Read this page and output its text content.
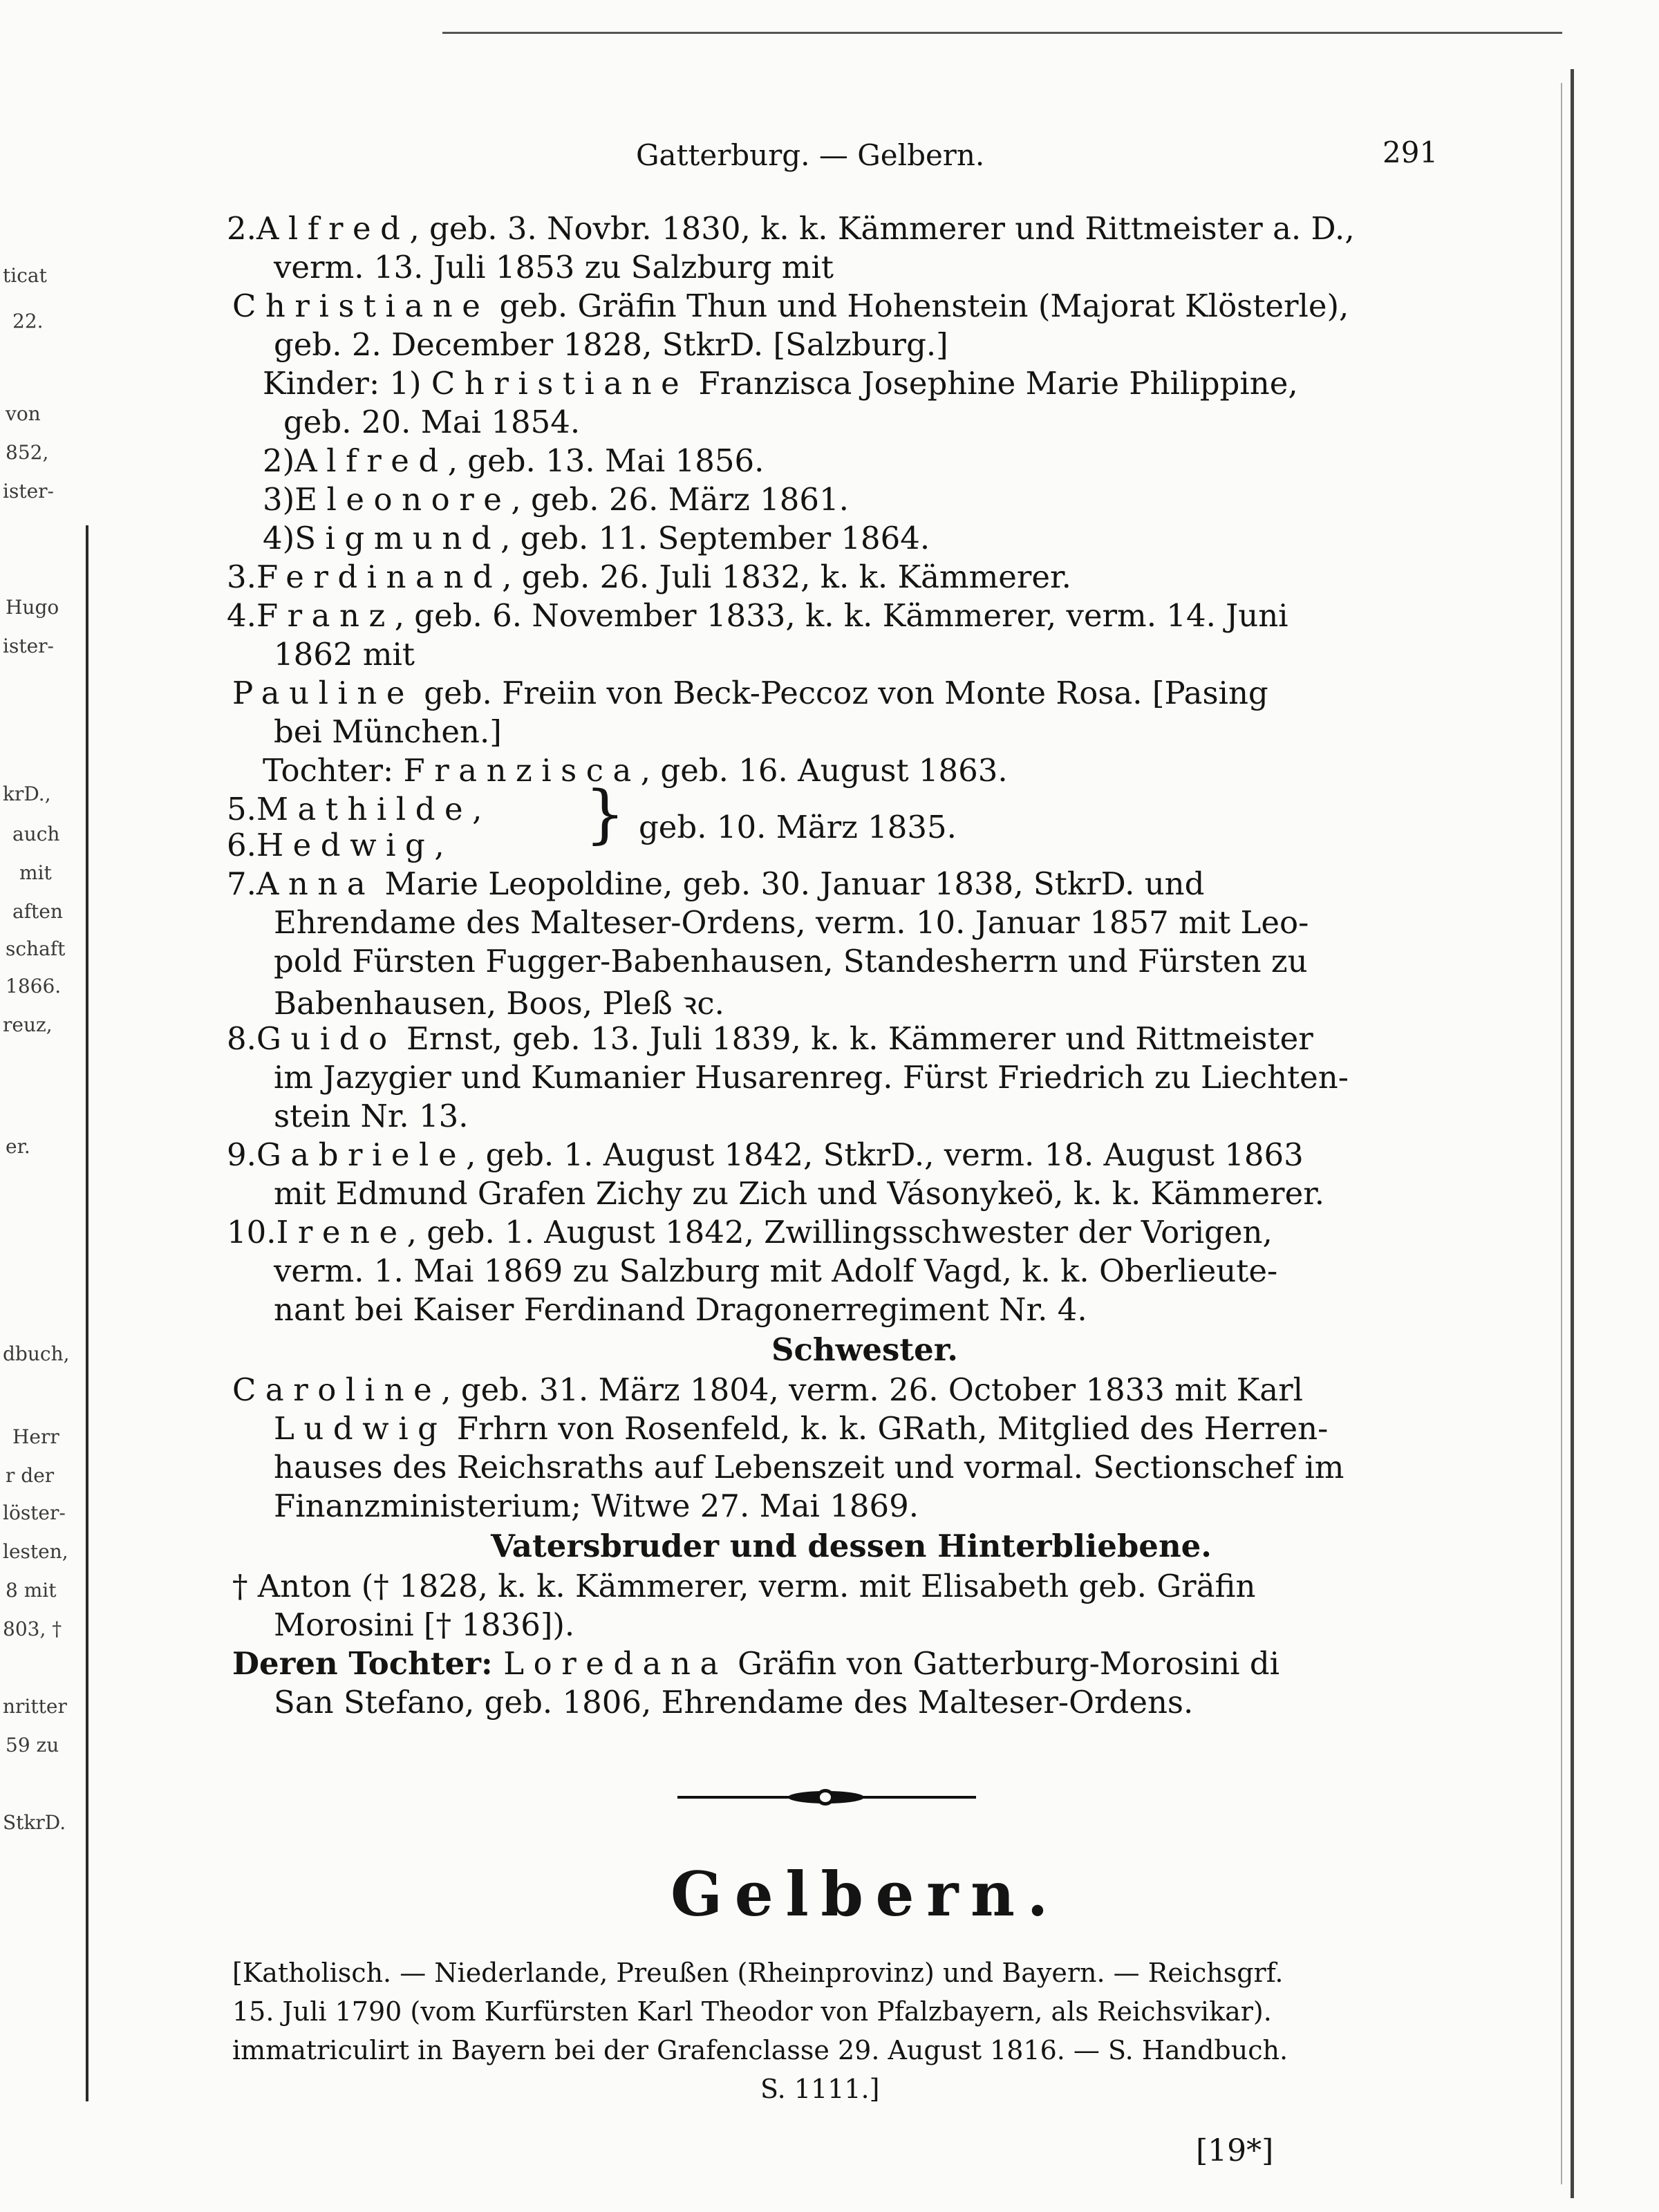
ticat
22.
von
852,
ister-
Hugo
ister-
krD.,
auch
mit
aften
schaft
1866.
reuz,
er.
dbuch,
Herr
r der
löster-
lesten,
8 mit
803, †
nritter
59 zu
StkrD.
Gatterburg. — Gelbern.	291
2.Alfred, geb. 3. Novbr. 1830, k. k. Kämmerer und Rittmeister a. D.,
verm. 13. Juli 1853 zu Salzburg mit
Christiane geb. Gräfin Thun und Hohenstein (Majorat Klösterle),
geb. 2. December 1828, StkrD. [Salzburg.]
Kinder: 1) Christiane Franzisca Josephine Marie Philippine,
geb. 20. Mai 1854.
2)Alfred, geb. 13. Mai 1856.
3)Eleonore, geb. 26. März 1861.
4)Sigmund, geb. 11. September 1864.
3.Ferdinand, geb. 26. Juli 1832, k. k. Kämmerer.
4.Franz, geb. 6. November 1833, k. k. Kämmerer, verm. 14. Juni
1862 mit
Pauline geb. Freiin von Beck-Peccoz von Monte Rosa. [Pasing
bei München.]
Tochter: Franzisca, geb. 16. August 1863.
5.Mathilde,
6.Hedwig, } geb. 10. März 1835.
7.Anna Marie Leopoldine, geb. 30. Januar 1838, StkrD. und
Ehrendame des Malteser-Ordens, verm. 10. Januar 1857 mit Leo-
pold Fürsten Fugger-Babenhausen, Standesherrn und Fürsten zu
Babenhausen, Boos, Pleß ꝛc.
8.Guido Ernst, geb. 13. Juli 1839, k. k. Kämmerer und Rittmeister
im Jazygier und Kumanier Husarenreg. Fürst Friedrich zu Liechten-
stein Nr. 13.
9.Gabriele, geb. 1. August 1842, StkrD., verm. 18. August 1863
mit Edmund Grafen Zichy zu Zich und Vásonykeö, k. k. Kämmerer.
10.Irene, geb. 1. August 1842, Zwillingsschwester der Vorigen,
verm. 1. Mai 1869 zu Salzburg mit Adolf Vagd, k. k. Oberlieute-
nant bei Kaiser Ferdinand Dragonerregiment Nr. 4.
Schwester.
Caroline, geb. 31. März 1804, verm. 26. October 1833 mit Karl
Ludwig Frhrn von Rosenfeld, k. k. GRath, Mitglied des Herren-
hauses des Reichsraths auf Lebenszeit und vormal. Sectionschef im
Finanzministerium; Witwe 27. Mai 1869.
Vatersbruder und dessen Hinterbliebene.
† Anton († 1828, k. k. Kämmerer, verm. mit Elisabeth geb. Gräfin
Morosini [† 1836]).
Deren Tochter: Loredana Gräfin von Gatterburg-Morosini di
San Stefano, geb. 1806, Ehrendame des Malteser-Ordens.
Gelbern.
[Katholisch. — Niederlande, Preußen (Rheinprovinz) und Bayern. — Reichsgrf.
15. Juli 1790 (vom Kurfürsten Karl Theodor von Pfalzbayern, als Reichsvikar).
immatriculirt in Bayern bei der Grafenclasse 29. August 1816. — S. Handbuch.
S. 1111.]
[19*]
